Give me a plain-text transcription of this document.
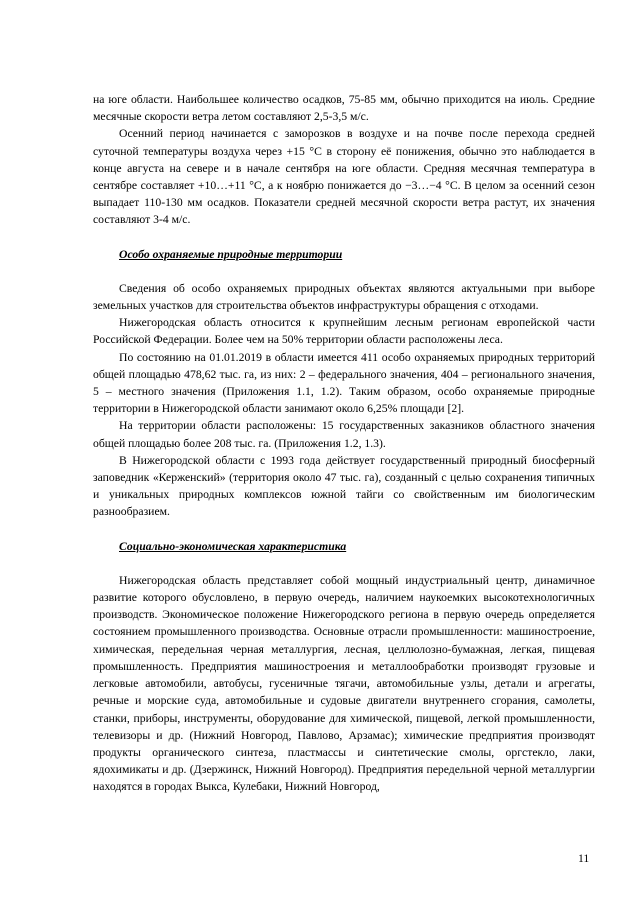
на юге области. Наибольшее количество осадков, 75-85 мм, обычно приходится на июль. Средние месячные скорости ветра летом составляют 2,5-3,5 м/с.

Осенний период начинается с заморозков в воздухе и на почве после перехода средней суточной температуры воздуха через +15 °С в сторону её понижения, обычно это наблюдается в конце августа на севере и в начале сентября на юге области. Средняя месячная температура в сентябре составляет +10…+11 °С, а к ноябрю понижается до −3…−4 °С. В целом за осенний сезон выпадает 110-130 мм осадков. Показатели средней месячной скорости ветра растут, их значения составляют 3-4 м/с.

Особо охраняемые природные территории

Сведения об особо охраняемых природных объектах являются актуальными при выборе земельных участков для строительства объектов инфраструктуры обращения с отходами.

Нижегородская область относится к крупнейшим лесным регионам европейской части Российской Федерации. Более чем на 50% территории области расположены леса.

По состоянию на 01.01.2019 в области имеется 411 особо охраняемых природных территорий общей площадью 478,62 тыс. га, из них: 2 – федерального значения, 404 – регионального значения, 5 – местного значения (Приложения 1.1, 1.2). Таким образом, особо охраняемые природные территории в Нижегородской области занимают около 6,25% площади [2].

На территории области расположены: 15 государственных заказников областного значения общей площадью более 208 тыс. га. (Приложения 1.2, 1.3).

В Нижегородской области с 1993 года действует государственный природный биосферный заповедник «Керженский» (территория около 47 тыс. га), созданный с целью сохранения типичных и уникальных природных комплексов южной тайги со свойственным им биологическим разнообразием.

Социально-экономическая характеристика

Нижегородская область представляет собой мощный индустриальный центр, динамичное развитие которого обусловлено, в первую очередь, наличием наукоемких высокотехнологичных производств. Экономическое положение Нижегородского региона в первую очередь определяется состоянием промышленного производства. Основные отрасли промышленности: машиностроение, химическая, передельная черная металлургия, лесная, целлюлозно-бумажная, легкая, пищевая промышленность. Предприятия машиностроения и металлообработки производят грузовые и легковые автомобили, автобусы, гусеничные тягачи, автомобильные узлы, детали и агрегаты, речные и морские суда, автомобильные и судовые двигатели внутреннего сгорания, самолеты, станки, приборы, инструменты, оборудование для химической, пищевой, легкой промышленности, телевизоры и др. (Нижний Новгород, Павлово, Арзамас); химические предприятия производят продукты органического синтеза, пластмассы и синтетические смолы, оргстекло, лаки, ядохимикаты и др. (Дзержинск, Нижний Новгород). Предприятия передельной черной металлургии находятся в городах Выкса, Кулебаки, Нижний Новгород,

11
